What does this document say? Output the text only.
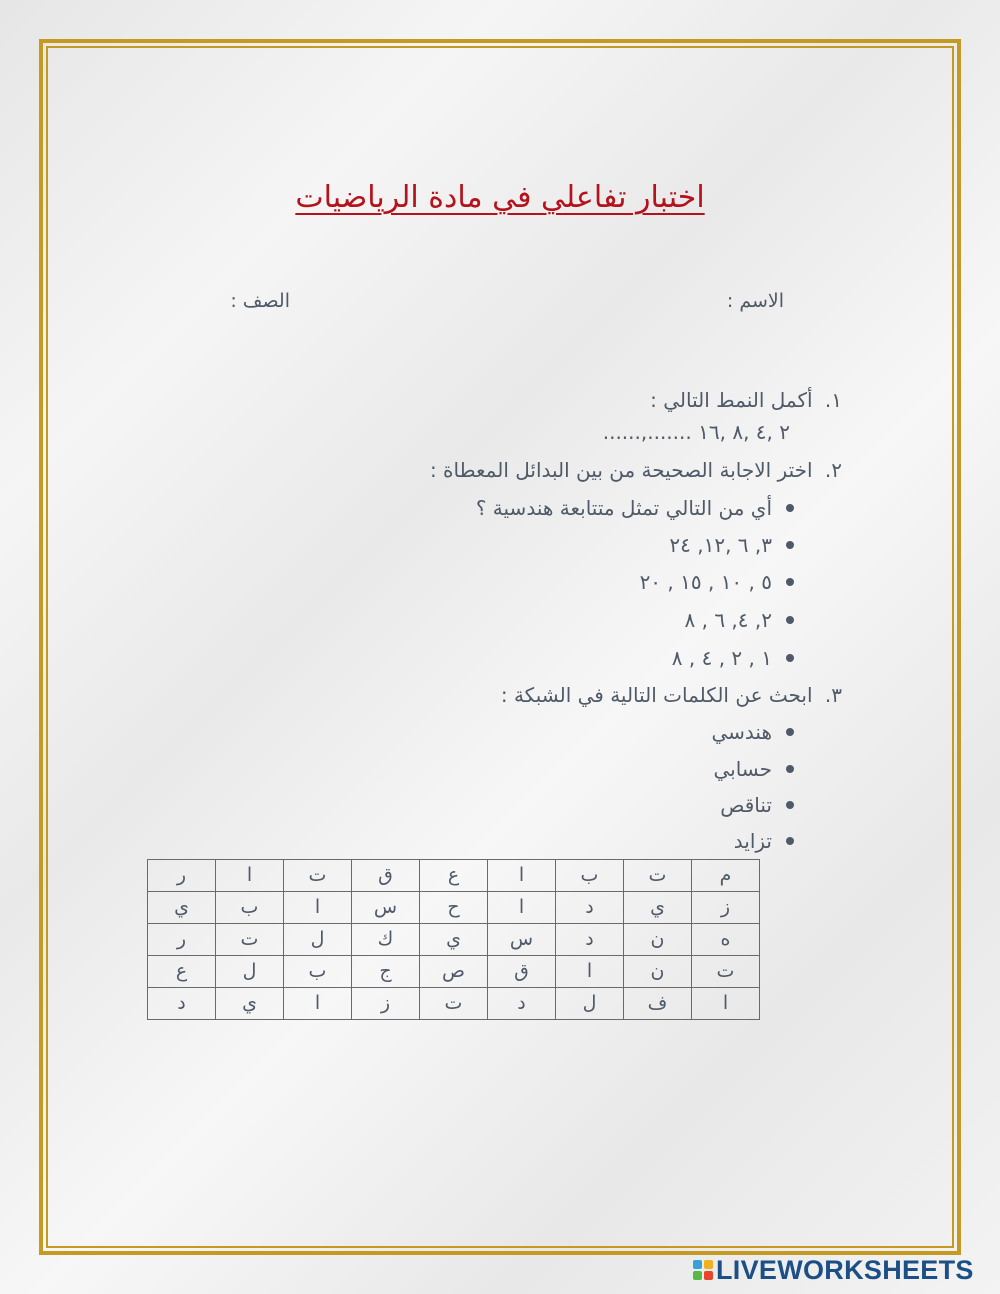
اختبار تفاعلي في مادة الرياضيات
الاسم :
الصف :
١. أكمل النمط التالي :
٢ ,٤ ,٨ ,١٦ .......,......
٢. اختر الاجابة الصحيحة من بين البدائل المعطاة :
أي من التالي تمثل متتابعة هندسية ؟
٣, ٦ ,١٢, ٢٤
٥ , ١٠ , ١٥ , ٢٠
٢, ٤, ٦ , ٨
١ , ٢ , ٤ , ٨
٣. ابحث عن الكلمات التالية في الشبكة :
هندسي
حسابي
تناقص
تزايد
م	ت	ب	ا	ع	ق	ت	ا	ر
ز	ي	د	ا	ح	س	ا	ب	ي
ه	ن	د	س	ي	ك	ل	ت	ر
ت	ن	ا	ق	ص	ج	ب	ل	ع
ا	ف	ل	د	ت	ز	ا	ي	د
LIVEWORKSHEETS
